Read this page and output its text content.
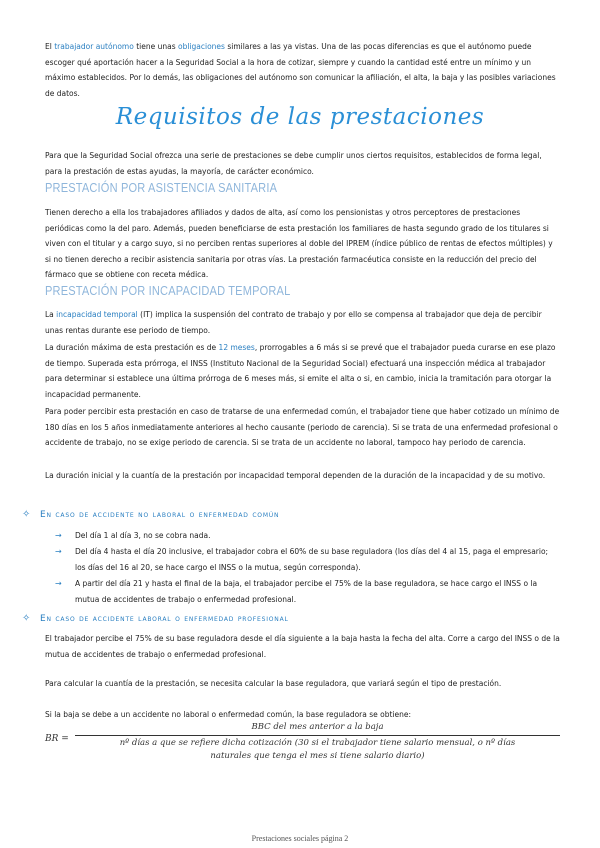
El trabajador autónomo tiene unas obligaciones similares a las ya vistas. Una de las pocas diferencias es que el autónomo puede escoger qué aportación hacer a la Seguridad Social a la hora de cotizar, siempre y cuando la cantidad esté entre un mínimo y un máximo establecidos. Por lo demás, las obligaciones del autónomo son comunicar la afiliación, el alta, la baja y las posibles variaciones de datos.

Requisitos de las prestaciones

Para que la Seguridad Social ofrezca una serie de prestaciones se debe cumplir unos ciertos requisitos, establecidos de forma legal, para la prestación de estas ayudas, la mayoría, de carácter económico.

PRESTACIÓN POR ASISTENCIA SANITARIA

Tienen derecho a ella los trabajadores afiliados y dados de alta, así como los pensionistas y otros perceptores de prestaciones periódicas como la del paro. Además, pueden beneficiarse de esta prestación los familiares de hasta segundo grado de los titulares si viven con el titular y a cargo suyo, si no perciben rentas superiores al doble del IPREM (índice público de rentas de efectos múltiples) y si no tienen derecho a recibir asistencia sanitaria por otras vías. La prestación farmacéutica consiste en la reducción del precio del fármaco que se obtiene con receta médica.

PRESTACIÓN POR INCAPACIDAD TEMPORAL

La incapacidad temporal (IT) implica la suspensión del contrato de trabajo y por ello se compensa al trabajador que deja de percibir unas rentas durante ese periodo de tiempo.

La duración máxima de esta prestación es de 12 meses, prorrogables a 6 más si se prevé que el trabajador pueda curarse en ese plazo de tiempo. Superada esta prórroga, el INSS (Instituto Nacional de la Seguridad Social) efectuará una inspección médica al trabajador para determinar si establece una última prórroga de 6 meses más, si emite el alta o si, en cambio, inicia la tramitación para otorgar la incapacidad permanente.

Para poder percibir esta prestación en caso de tratarse de una enfermedad común, el trabajador tiene que haber cotizado un mínimo de 180 días en los 5 años inmediatamente anteriores al hecho causante (periodo de carencia). Si se trata de una enfermedad profesional o accidente de trabajo, no se exige periodo de carencia. Si se trata de un accidente no laboral, tampoco hay periodo de carencia.

La duración inicial y la cuantía de la prestación por incapacidad temporal dependen de la duración de la incapacidad y de su motivo.

✧ En caso de accidente no laboral o enfermedad común
→ Del día 1 al día 3, no se cobra nada.
→ Del día 4 hasta el día 20 inclusive, el trabajador cobra el 60% de su base reguladora (los días del 4 al 15, paga el empresario; los días del 16 al 20, se hace cargo el INSS o la mutua, según corresponda).
→ A partir del día 21 y hasta el final de la baja, el trabajador percibe el 75% de la base reguladora, se hace cargo el INSS o la mutua de accidentes de trabajo o enfermedad profesional.
✧ En caso de accidente laboral o enfermedad profesional

El trabajador percibe el 75% de su base reguladora desde el día siguiente a la baja hasta la fecha del alta. Corre a cargo del INSS o de la mutua de accidentes de trabajo o enfermedad profesional.

Para calcular la cuantía de la prestación, se necesita calcular la base reguladora, que variará según el tipo de prestación.

Si la baja se debe a un accidente no laboral o enfermedad común, la base reguladora se obtiene:

BR =
BBC del mes anterior a la baja
nº días a que se refiere dicha cotización (30 si el trabajador tiene salario mensual, o nº días
naturales que tenga el mes si tiene salario diario)
Prestaciones sociales página 2
